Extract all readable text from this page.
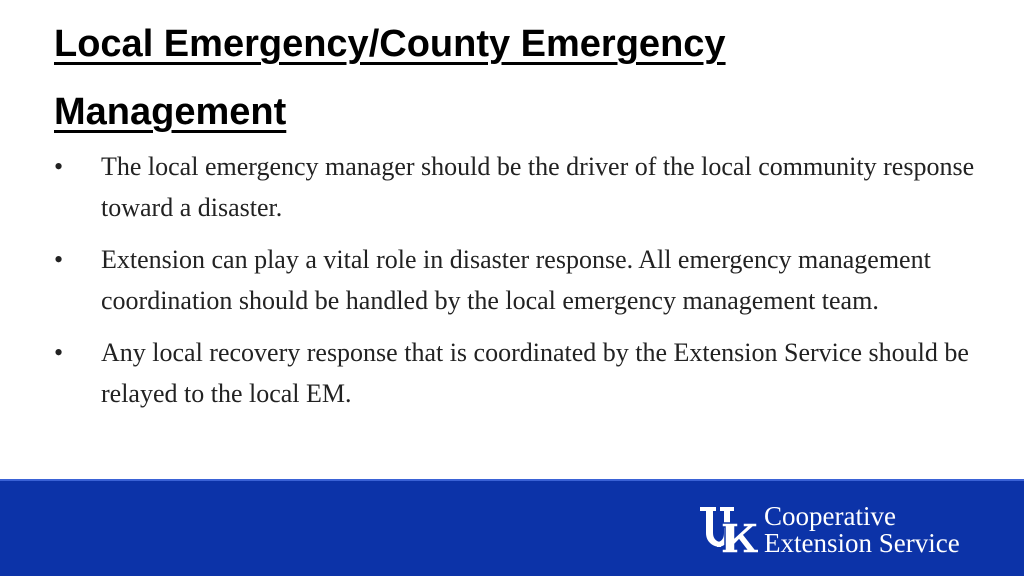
Local Emergency/County Emergency Management
•	The local emergency manager should be the driver of the local community response toward a disaster.
•	Extension can play a vital role in disaster response. All emergency management coordination should be handled by the local emergency management team.
•	Any local recovery response that is coordinated by the Extension Service should be relayed to the local EM.
Cooperative
Extension Service
